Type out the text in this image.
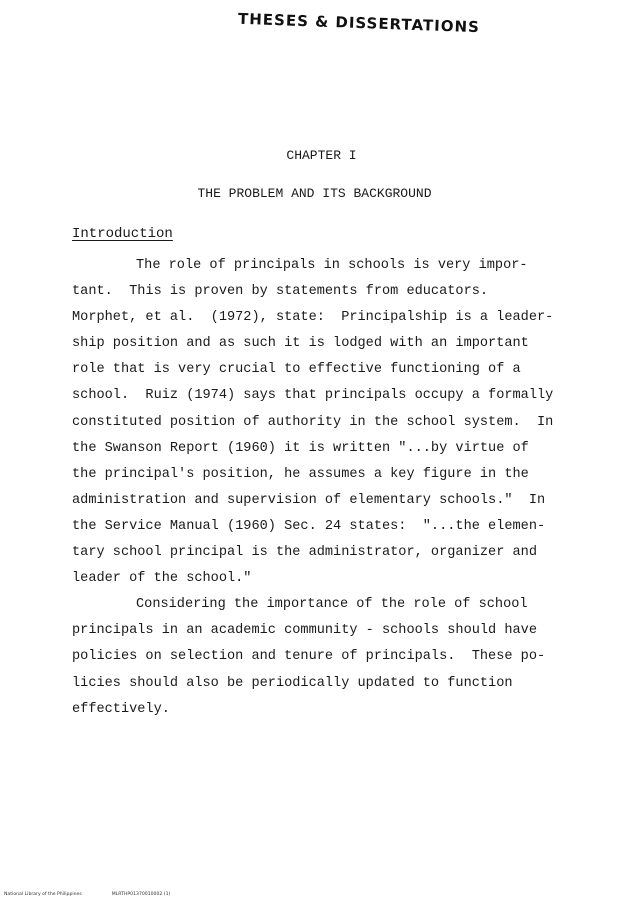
THESES & DISSERTATIONS
CHAPTER I
THE PROBLEM AND ITS BACKGROUND
Introduction
The role of principals in schools is very impor-
tant.  This is proven by statements from educators.
Morphet, et al.  (1972), state:  Principalship is a leader-
ship position and as such it is lodged with an important
role that is very crucial to effective functioning of a
school.  Ruiz (1974) says that principals occupy a formally
constituted position of authority in the school system.  In
the Swanson Report (1960) it is written "...by virtue of
the principal's position, he assumes a key figure in the
administration and supervision of elementary schools."  In
the Service Manual (1960) Sec. 24 states:  "...the elemen-
tary school principal is the administrator, organizer and
leader of the school."
Considering the importance of the role of school
principals in an academic community - schools should have
policies on selection and tenure of principals.  These po-
licies should also be periodically updated to function
effectively.
National Library of the Philippines	MLRTHP01370010002 (1)
